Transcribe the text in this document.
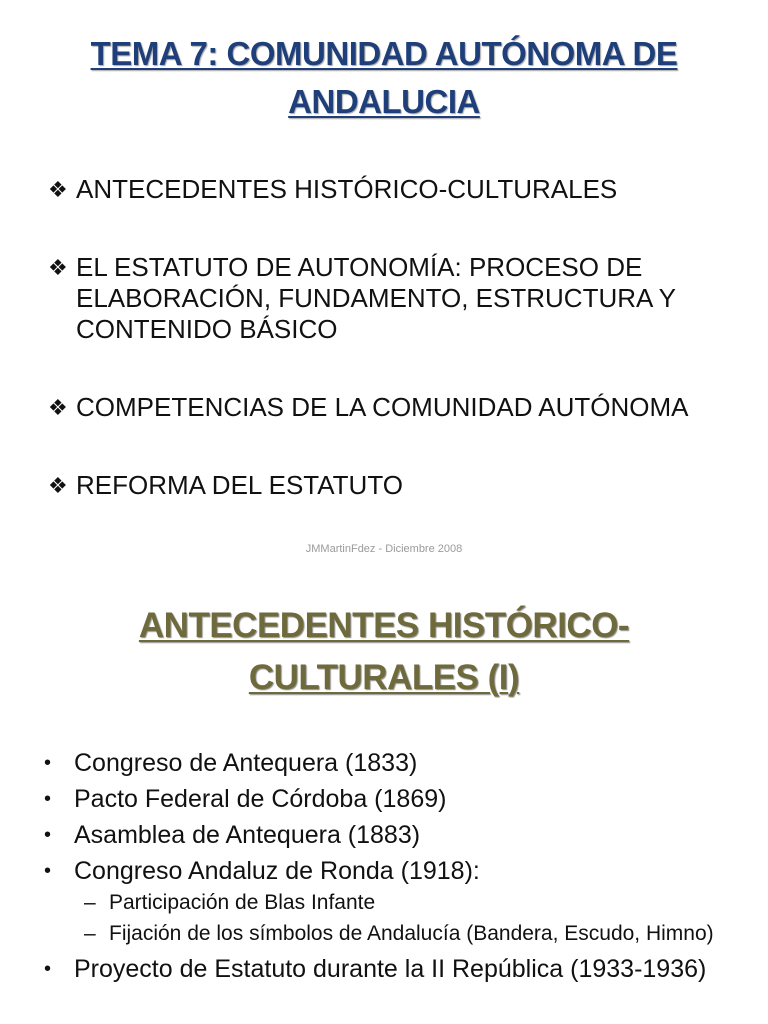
TEMA 7: COMUNIDAD AUTÓNOMA DE ANDALUCIA
❖ ANTECEDENTES HISTÓRICO-CULTURALES
❖ EL ESTATUTO DE AUTONOMÍA: PROCESO DE ELABORACIÓN, FUNDAMENTO, ESTRUCTURA Y CONTENIDO BÁSICO
❖ COMPETENCIAS DE LA COMUNIDAD AUTÓNOMA
❖ REFORMA DEL ESTATUTO
JMMartinFdez - Diciembre 2008
ANTECEDENTES HISTÓRICO-CULTURALES (I)
• Congreso de Antequera (1833)
• Pacto Federal de Córdoba (1869)
• Asamblea de Antequera (1883)
• Congreso Andaluz de Ronda (1918):
– Participación de Blas Infante
– Fijación de los símbolos de Andalucía (Bandera, Escudo, Himno)
• Proyecto de Estatuto durante la II República (1933-1936)
